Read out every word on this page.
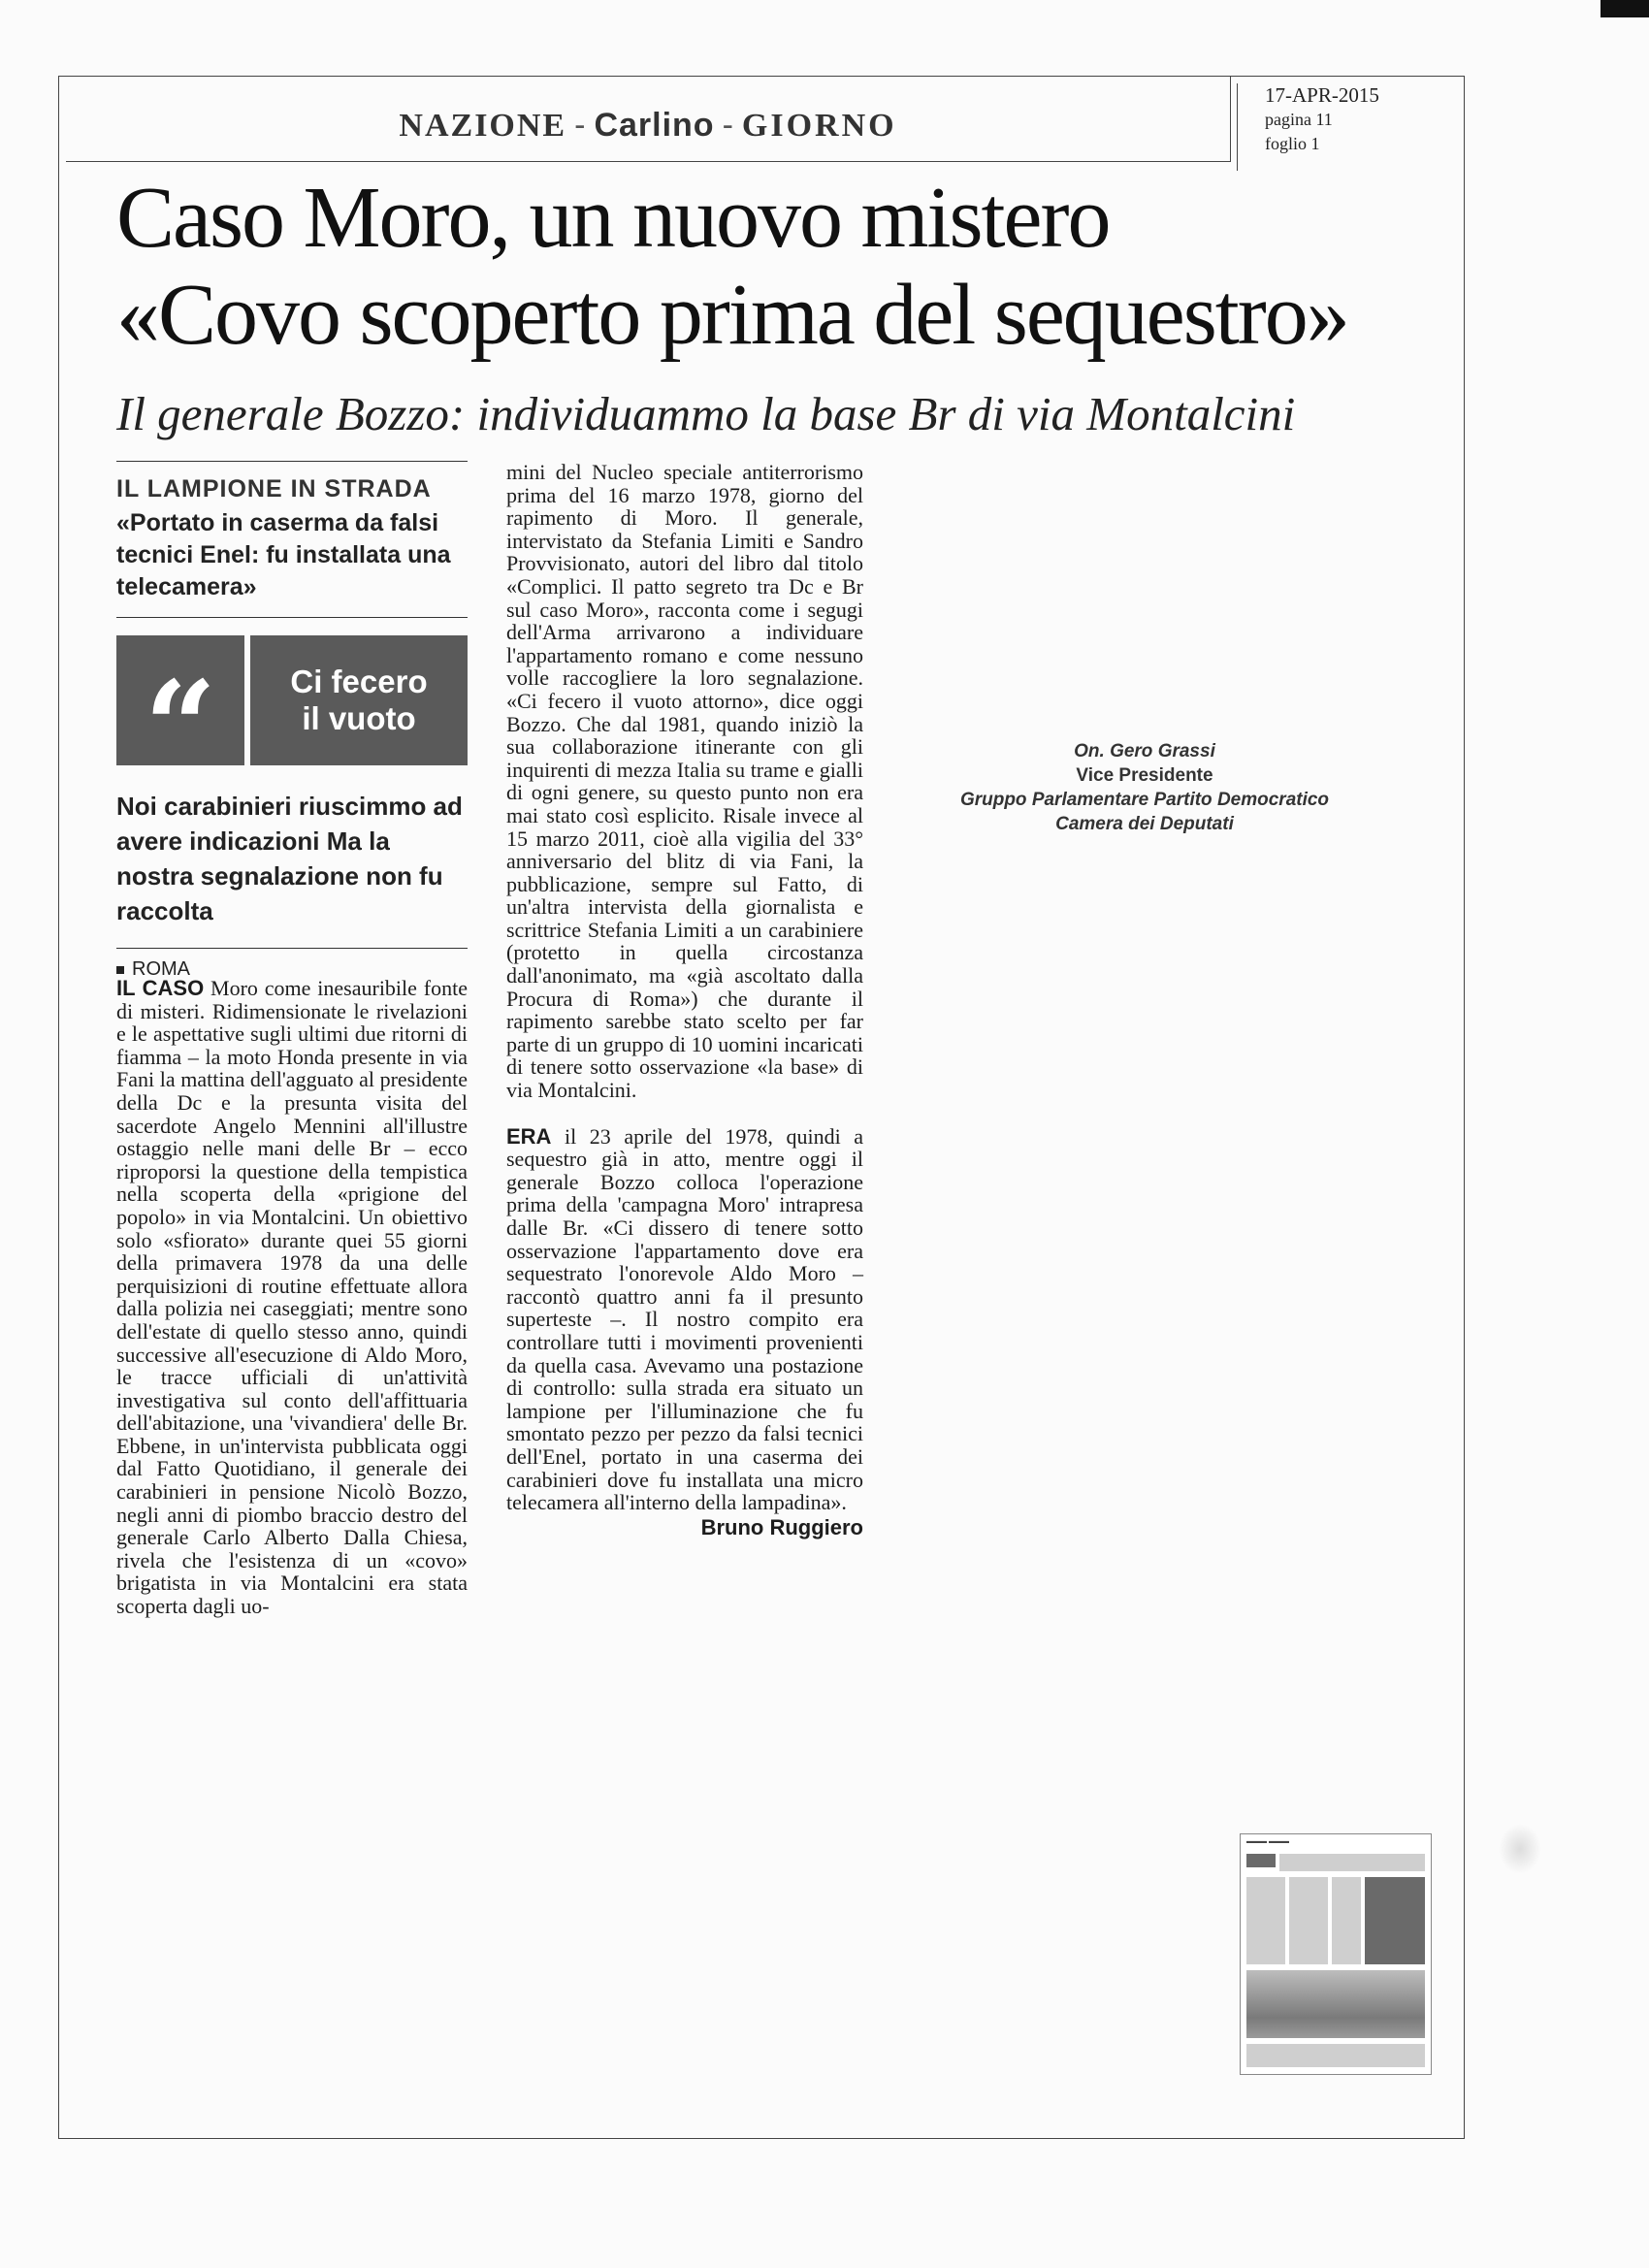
NAZIONE - Carlino - GIORNO
17-APR-2015
pagina 11
foglio 1
Caso Moro, un nuovo mistero
«Covo scoperto prima del sequestro»
Il generale Bozzo: individuammo la base Br di via Montalcini
IL LAMPIONE IN STRADA
«Portato in caserma da falsi tecnici Enel: fu installata una telecamera»
“	Ci fecero
il vuoto
Noi carabinieri riuscimmo ad avere indicazioni Ma la nostra segnalazione non fu raccolta
ROMA
IL CASO Moro come inesauribile fonte di misteri. Ridimensionate le rivelazioni e le aspettative sugli ultimi due ritorni di fiamma – la moto Honda presente in via Fani la mattina dell'agguato al presidente della Dc e la presunta visita del sacerdote Angelo Mennini all'illustre ostaggio nelle mani delle Br – ecco riproporsi la questione della tempistica nella scoperta della «prigione del popolo» in via Montalcini. Un obiettivo solo «sfiorato» durante quei 55 giorni della primavera 1978 da una delle perquisizioni di routine effettuate allora dalla polizia nei caseggiati; mentre sono dell'estate di quello stesso anno, quindi successive all'esecuzione di Aldo Moro, le tracce ufficiali di un'attività investigativa sul conto dell'affittuaria dell'abitazione, una 'vivandiera' delle Br. Ebbene, in un'intervista pubblicata oggi dal Fatto Quotidiano, il generale dei carabinieri in pensione Nicolò Bozzo, negli anni di piombo braccio destro del generale Carlo Alberto Dalla Chiesa, rivela che l'esistenza di un «covo» brigatista in via Montalcini era stata scoperta dagli uo-
mini del Nucleo speciale antiterrorismo prima del 16 marzo 1978, giorno del rapimento di Moro. Il generale, intervistato da Stefania Limiti e Sandro Provvisionato, autori del libro dal titolo «Complici. Il patto segreto tra Dc e Br sul caso Moro», racconta come i segugi dell'Arma arrivarono a individuare l'appartamento romano e come nessuno volle raccogliere la loro segnalazione. «Ci fecero il vuoto attorno», dice oggi Bozzo. Che dal 1981, quando iniziò la sua collaborazione itinerante con gli inquirenti di mezza Italia su trame e gialli di ogni genere, su questo punto non era mai stato così esplicito. Risale invece al 15 marzo 2011, cioè alla vigilia del 33° anniversario del blitz di via Fani, la pubblicazione, sempre sul Fatto, di un'altra intervista della giornalista e scrittrice Stefania Limiti a un carabiniere (protetto in quella circostanza dall'anonimato, ma «già ascoltato dalla Procura di Roma») che durante il rapimento sarebbe stato scelto per far parte di un gruppo di 10 uomini incaricati di tenere sotto osservazione «la base» di via Montalcini.
ERA il 23 aprile del 1978, quindi a sequestro già in atto, mentre oggi il generale Bozzo colloca l'operazione prima della 'campagna Moro' intrapresa dalle Br. «Ci dissero di tenere sotto osservazione l'appartamento dove era sequestrato l'onorevole Aldo Moro – raccontò quattro anni fa il presunto superteste –. Il nostro compito era controllare tutti i movimenti provenienti da quella casa. Avevamo una postazione di controllo: sulla strada era situato un lampione per l'illuminazione che fu smontato pezzo per pezzo da falsi tecnici dell'Enel, portato in una caserma dei carabinieri dove fu installata una micro telecamera all'interno della lampadina».
Bruno Ruggiero
On. Gero Grassi
Vice Presidente
Gruppo Parlamentare Partito Democratico
Camera dei Deputati
▬▬▬ ▬▬▬
